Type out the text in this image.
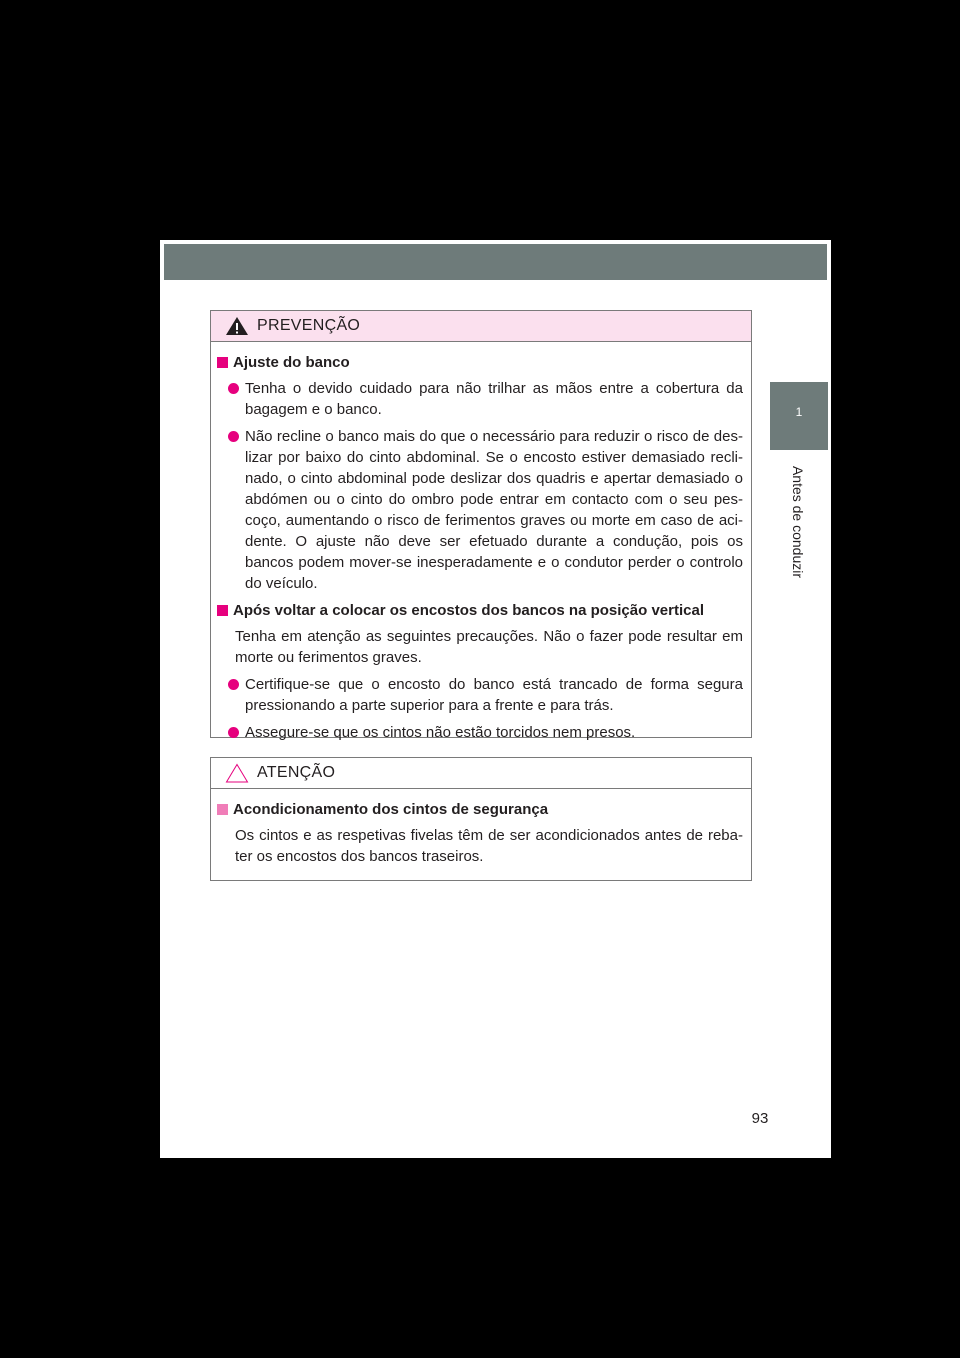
1
Antes de conduzir
PREVENÇÃO
Ajuste do banco
Tenha o devido cuidado para não trilhar as mãos entre a cobertura da bagagem e o banco.
Não recline o banco mais do que o necessário para reduzir o risco de des-lizar por baixo do cinto abdominal. Se o encosto estiver demasiado recli-nado, o cinto abdominal pode deslizar dos quadris e apertar demasiado o abdómen ou o cinto do ombro pode entrar em contacto com o seu pes-coço, aumentando o risco de ferimentos graves ou morte em caso de aci-dente. O ajuste não deve ser efetuado durante a condução, pois os bancos podem mover-se inesperadamente e o condutor perder o controlo do veículo.
Após voltar a colocar os encostos dos bancos na posição vertical
Tenha em atenção as seguintes precauções. Não o fazer pode resultar em morte ou ferimentos graves.
Certifique-se que o encosto do banco está trancado de forma segura pressionando a parte superior para a frente e para trás.
Assegure-se que os cintos não estão torcidos nem presos.
ATENÇÃO
Acondicionamento dos cintos de segurança
Os cintos e as respetivas fivelas têm de ser acondicionados antes de reba-ter os encostos dos bancos traseiros.
93
